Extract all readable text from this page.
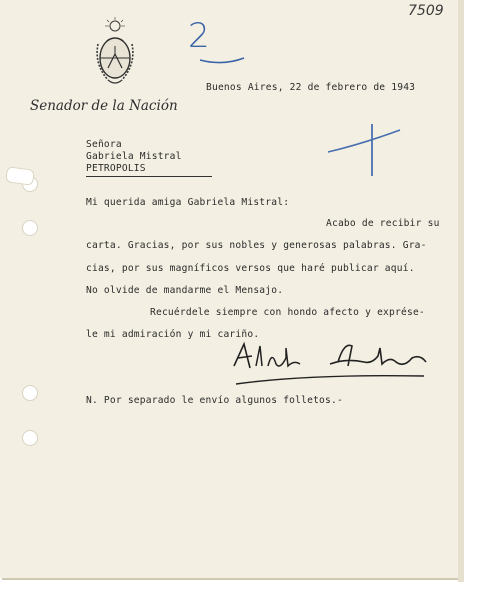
7509
2
Senador de la Nación
Buenos Aires, 22 de febrero de 1943
Señora
Gabriela Mistral
PETROPOLIS
Mi querida amiga Gabriela Mistral:
Acabo de recibir su
carta. Gracias, por sus nobles y generosas palabras. Gra-
cias, por sus magníficos versos que haré publicar aquí.
No olvide de mandarme el Mensajo.
Recuérdele siempre con hondo afecto y exprése-
le mi admiración y mi cariño.
N. Por separado le envío algunos folletos.-
